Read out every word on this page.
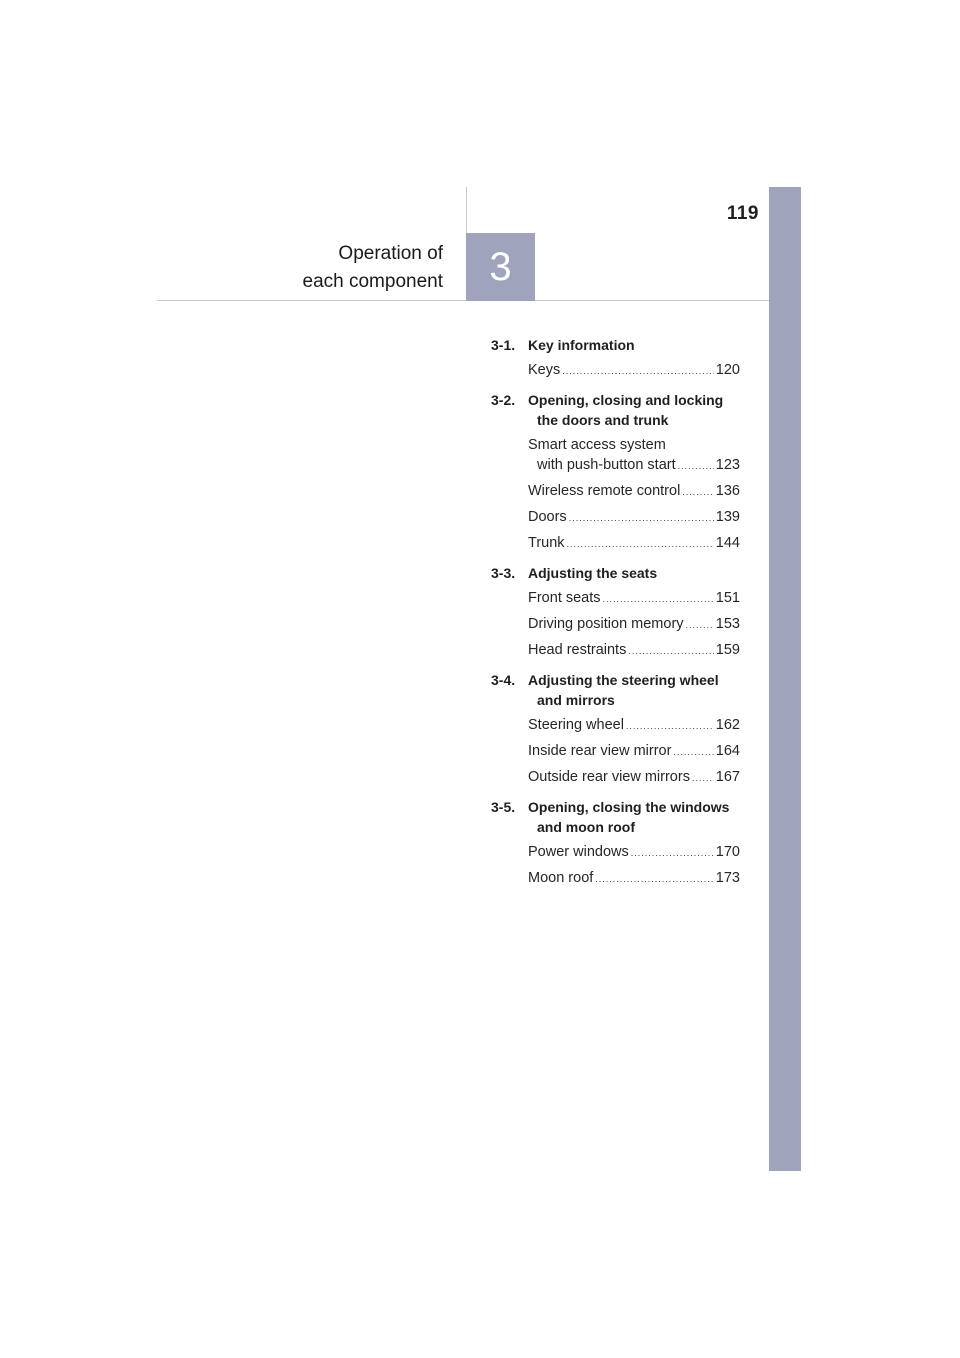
3
119
Operation of
each component
3-1. Key information
Keys .....	120
3-2. Opening, closing and locking
the doors and trunk
Smart access system
with push-button start .....	123
Wireless remote control ..... 136
Doors .....	139
Trunk .....	144
3-3. Adjusting the seats
Front seats .....	151
Driving position memory ..... 153
Head restraints .....	159
3-4. Adjusting the steering wheel
and mirrors
Steering wheel .....	162
Inside rear view mirror .....	164
Outside rear view mirrors ..... 167
3-5. Opening, closing the windows
and moon roof
Power windows .....	170
Moon roof .....	173
